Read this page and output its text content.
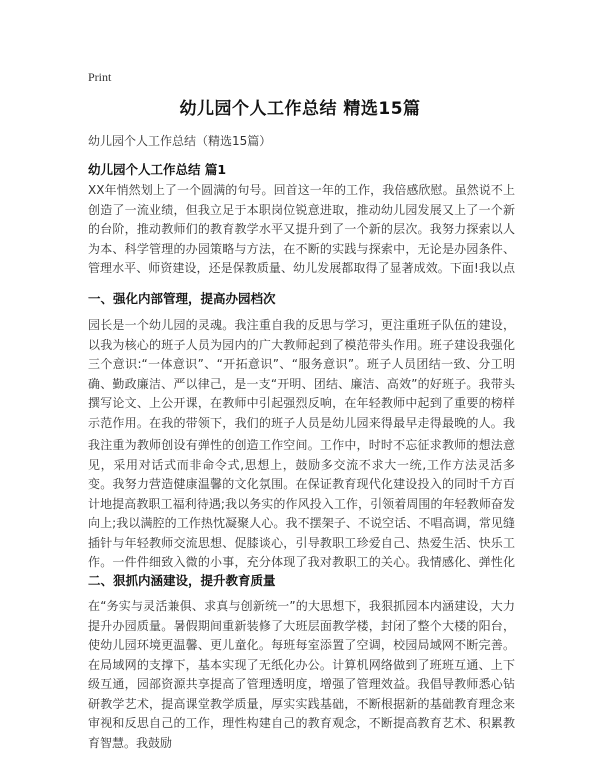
Print
幼儿园个人工作总结 精选15篇
幼儿园个人工作总结（精选15篇）
幼儿园个人工作总结 篇1

XX年悄然划上了一个圆满的句号。回首这一年的工作，我倍感欣慰。虽然说不上创造了一流业绩，但我立足于本职岗位锐意进取，推动幼儿园发展又上了一个新的台阶，推动教师们的教育教学水平又提升到了一个新的层次。我努力探索以人为本、科学管理的办园策略与方法，在不断的实践与探索中，无论是办园条件、管理水平、师资建设，还是保教质量、幼儿发展都取得了显著成效。下面!我以点

一、强化内部管理，提高办园档次

园长是一个幼儿园的灵魂。我注重自我的反思与学习，更注重班子队伍的建设，以我为核心的班子人员为园内的广大教师起到了模范带头作用。班子建设我强化三个意识:“一体意识”、“开拓意识”、“服务意识”。班子人员团结一致、分工明确、勤政廉洁、严以律己，是一支“开明、团结、廉洁、高效”的好班子。我带头撰写论文、上公开课，在教师中引起强烈反响，在年轻教师中起到了重要的榜样示范作用。在我的带领下，我们的班子人员是幼儿园来得最早走得最晚的人。我

我注重为教师创设有弹性的创造工作空间。工作中，时时不忘征求教师的想法意见，采用对话式而非命令式,思想上，鼓励多交流不求大一统,工作方法灵活多变。我努力营造健康温馨的文化氛围。在保证教育现代化建设投入的同时千方百计地提高教职工福利待遇;我以务实的作风投入工作，引领着周围的年轻教师奋发向上;我以满腔的工作热忱凝聚人心。我不摆架子、不说空话、不唱高调，常见缝插针与年轻教师交流思想、促膝谈心，引导教职工珍爱自己、热爱生活、快乐工作。一件件细致入微的小事，充分体现了我对教职工的关心。我情感化、弹性化

二、狠抓内涵建设，提升教育质量

在“务实与灵活兼俱、求真与创新统一”的大思想下，我狠抓园本内涵建设，大力提升办园质量。暑假期间重新装修了大班层面教学楼，封闭了整个大楼的阳台，使幼儿园环境更温馨、更儿童化。每班每室添置了空调，校园局域网不断完善。在局域网的支撑下，基本实现了无纸化办公。计算机网络做到了班班互通、上下级互通，园部资源共享提高了管理透明度，增强了管理效益。我倡导教师悉心钻研教学艺术，提高课堂教学质量，厚实实践基础，不断根据新的基础教育理念来审视和反思自己的工作，理性构建自己的教育观念，不断提高教育艺术、积累教育智慧。我鼓励
